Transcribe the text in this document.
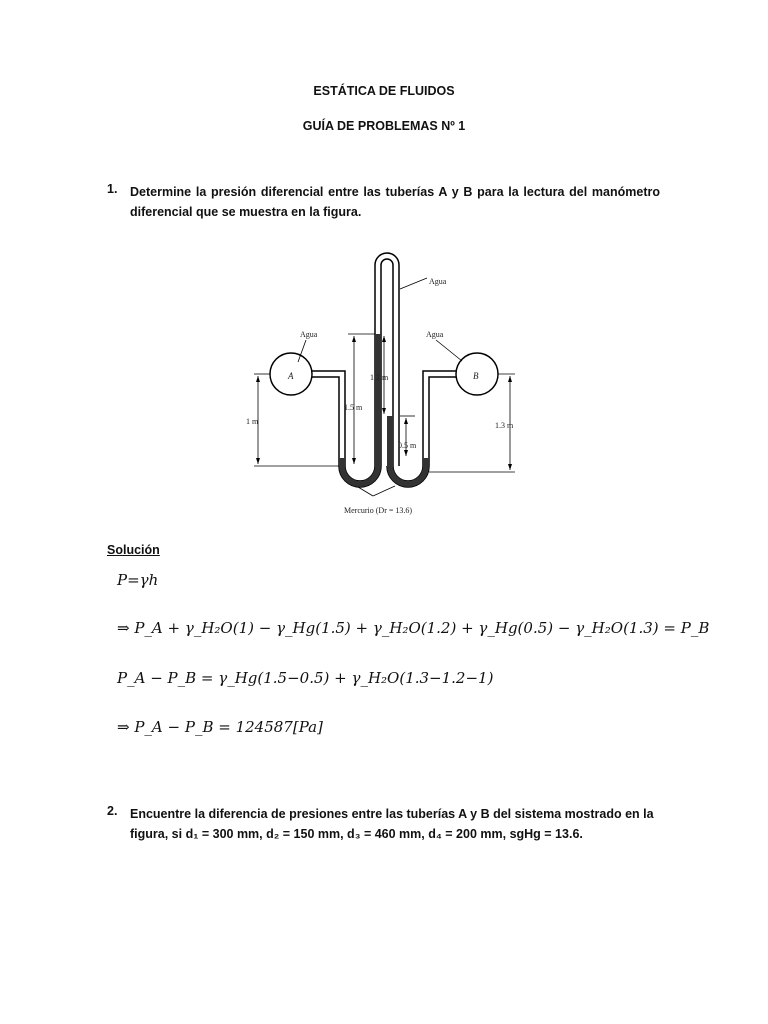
ESTÁTICA DE FLUIDOS
GUÍA DE PROBLEMAS Nº 1
1. Determine la presión diferencial entre las tuberías A y B para la lectura del manómetro diferencial que se muestra en la figura.
Agua
Agua	Agua
A	B
1 m
1.5 m
1.2 m
0.5 m
1.3 m
Mercurio (Dr = 13.6)
Solución
P=γh
⇒ P_A + γ_H₂O(1) − γ_Hg(1.5) + γ_H₂O(1.2) + γ_Hg(0.5) − γ_H₂O(1.3) = P_B
P_A − P_B = γ_Hg(1.5−0.5) + γ_H₂O(1.3−1.2−1)
⇒ P_A − P_B = 124587[Pa]
2. Encuentre la diferencia de presiones entre las tuberías A y B del sistema mostrado en la figura, si d₁ = 300 mm, d₂ = 150 mm, d₃ = 460 mm, d₄ = 200 mm, sgHg = 13.6.
